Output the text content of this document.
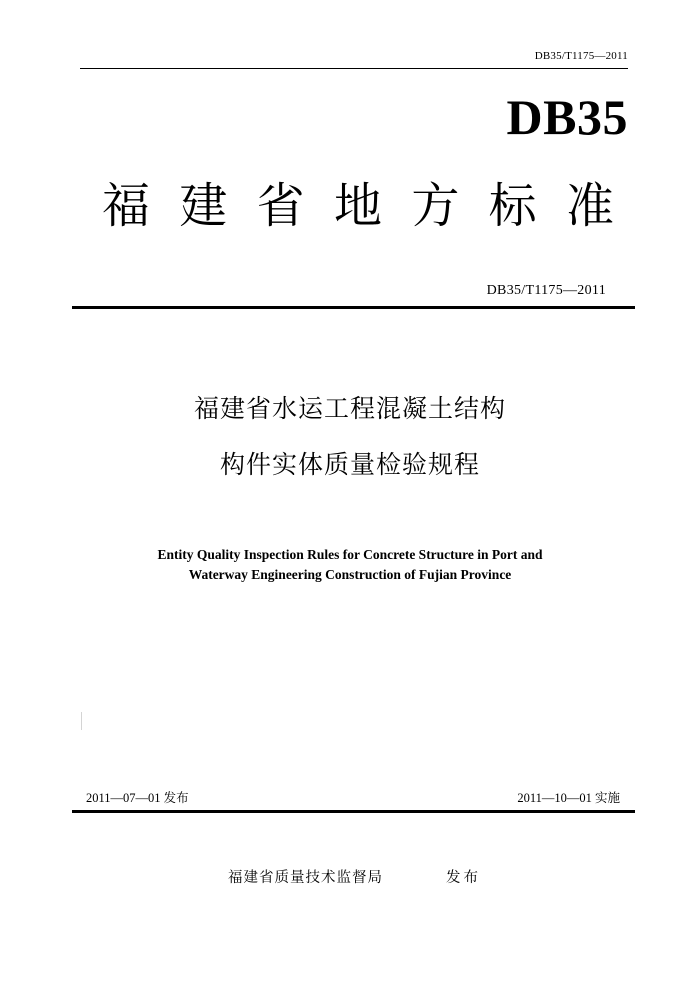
DB35/T1175—2011
DB35
福 建 省 地 方 标 准
DB35/T1175—2011
福建省水运工程混凝土结构
构件实体质量检验规程
Entity Quality Inspection Rules for Concrete Structure in Port and
Waterway Engineering Construction of Fujian Province
2011—07—01 发布	2011—10—01 实施
福建省质量技术监督局	发布
